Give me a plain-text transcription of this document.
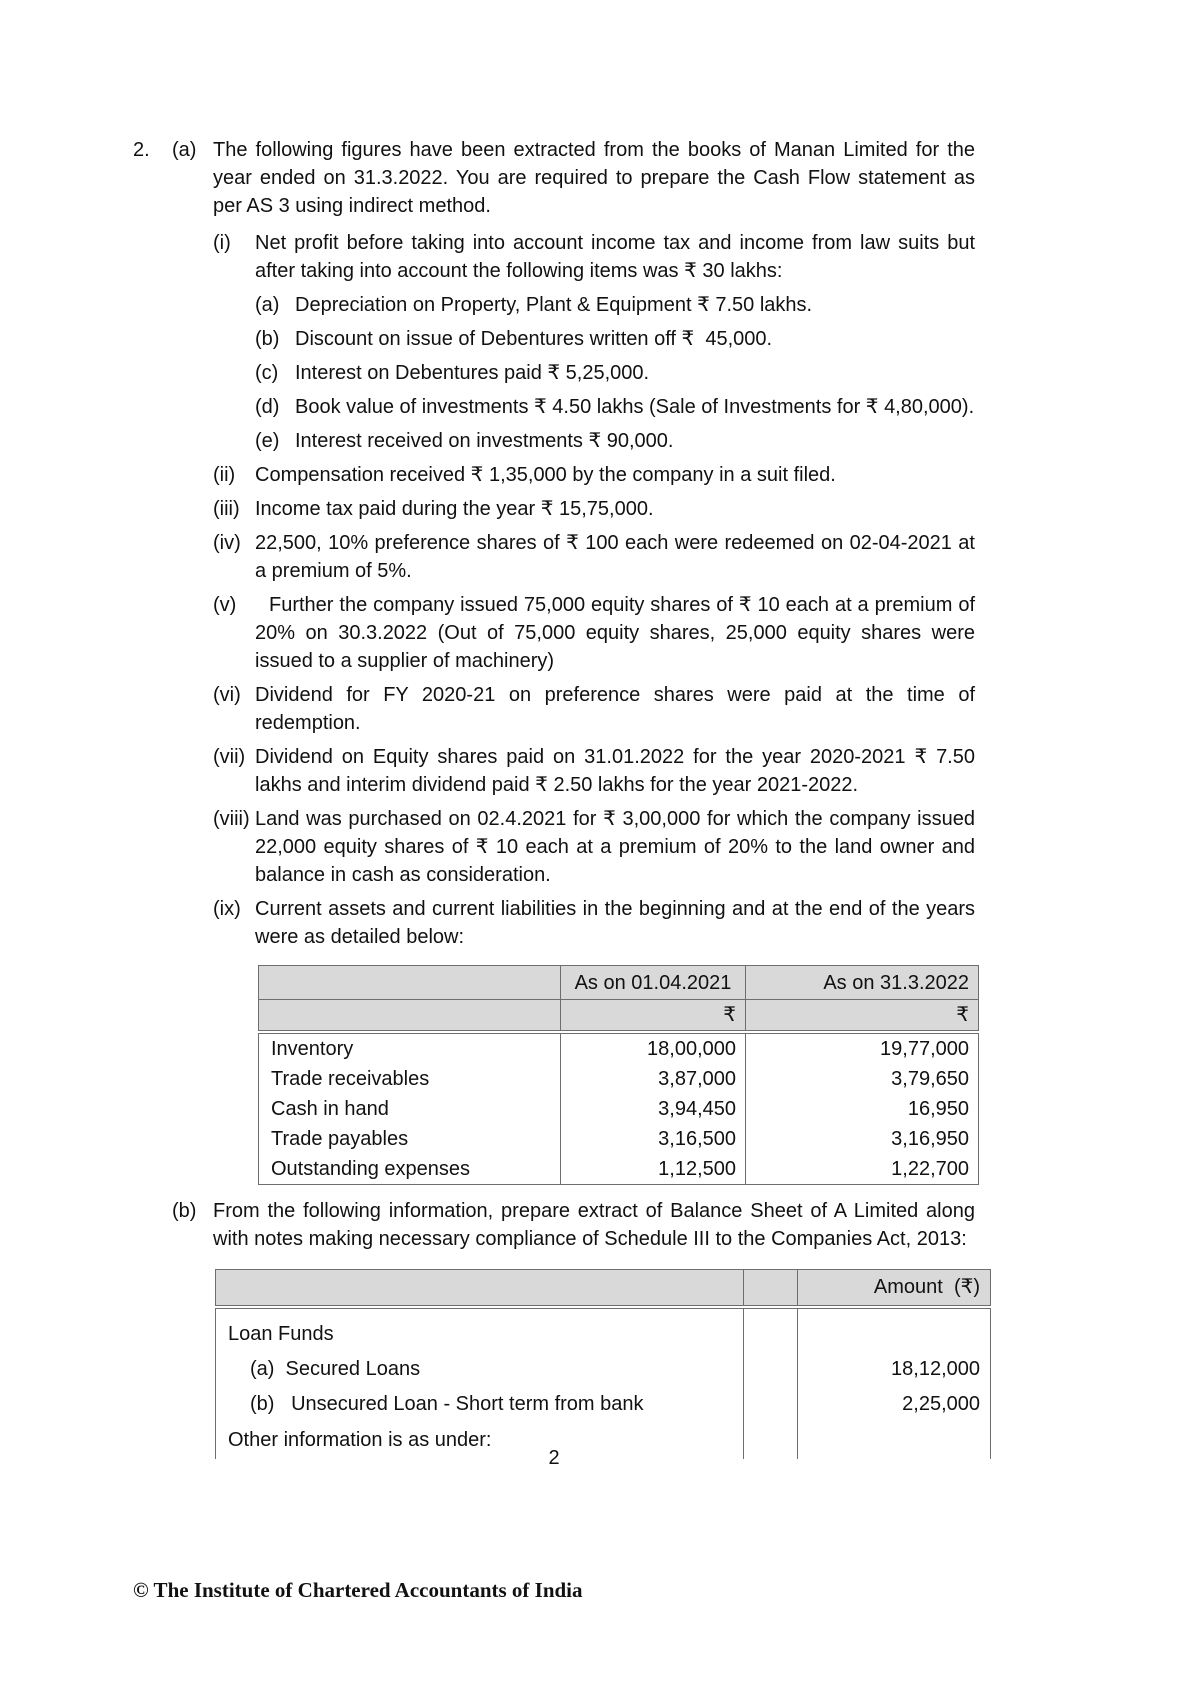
2.	(a) The following figures have been extracted from the books of Manan Limited for the year ended on 31.3.2022. You are required to prepare the Cash Flow statement as per AS 3 using indirect method.

(i)	Net profit before taking into account income tax and income from law suits but after taking into account the following items was ₹ 30 lakhs:
(a) Depreciation on Property, Plant & Equipment ₹ 7.50 lakhs.
(b) Discount on issue of Debentures written off ₹  45,000.
(c) Interest on Debentures paid ₹ 5,25,000.
(d) Book value of investments ₹ 4.50 lakhs (Sale of Investments for ₹ 4,80,000).
(e) Interest received on investments ₹ 90,000.
(ii) Compensation received ₹ 1,35,000 by the company in a suit filed.
(iii) Income tax paid during the year ₹ 15,75,000.
(iv) 22,500, 10% preference shares of ₹ 100 each were redeemed on 02-04-2021 at a premium of 5%.
(v)	Further the company issued 75,000 equity shares of ₹ 10 each at a premium of 20% on 30.3.2022 (Out of 75,000 equity shares, 25,000 equity shares were issued to a supplier of machinery)
(vi) Dividend for FY 2020-21 on preference shares were paid at the time of redemption.
(vii) Dividend on Equity shares paid on 31.01.2022 for the year 2020-2021 ₹ 7.50 lakhs and interim dividend paid ₹ 2.50 lakhs for the year 2021-2022.
(viii) Land was purchased on 02.4.2021 for ₹ 3,00,000 for which the company issued 22,000 equity shares of ₹ 10 each at a premium of 20% to the land owner and balance in cash as consideration.
(ix) Current assets and current liabilities in the beginning and at the end of the years were as detailed below:
	As on 01.04.2021	As on 31.3.2022
	₹	₹
Inventory	18,00,000	19,77,000
Trade receivables	3,87,000	3,79,650
Cash in hand	3,94,450	16,950
Trade payables	3,16,500	3,16,950
Outstanding expenses	1,12,500	1,22,700
(b) From the following information, prepare extract of Balance Sheet of A Limited along with notes making necessary compliance of Schedule III to the Companies Act, 2013:

		Amount  (₹)
Loan Funds		
(a)  Secured Loans		18,12,000
(b)   Unsecured Loan - Short term from bank		2,25,000
Other information is as under:		
2
© The Institute of Chartered Accountants of India
